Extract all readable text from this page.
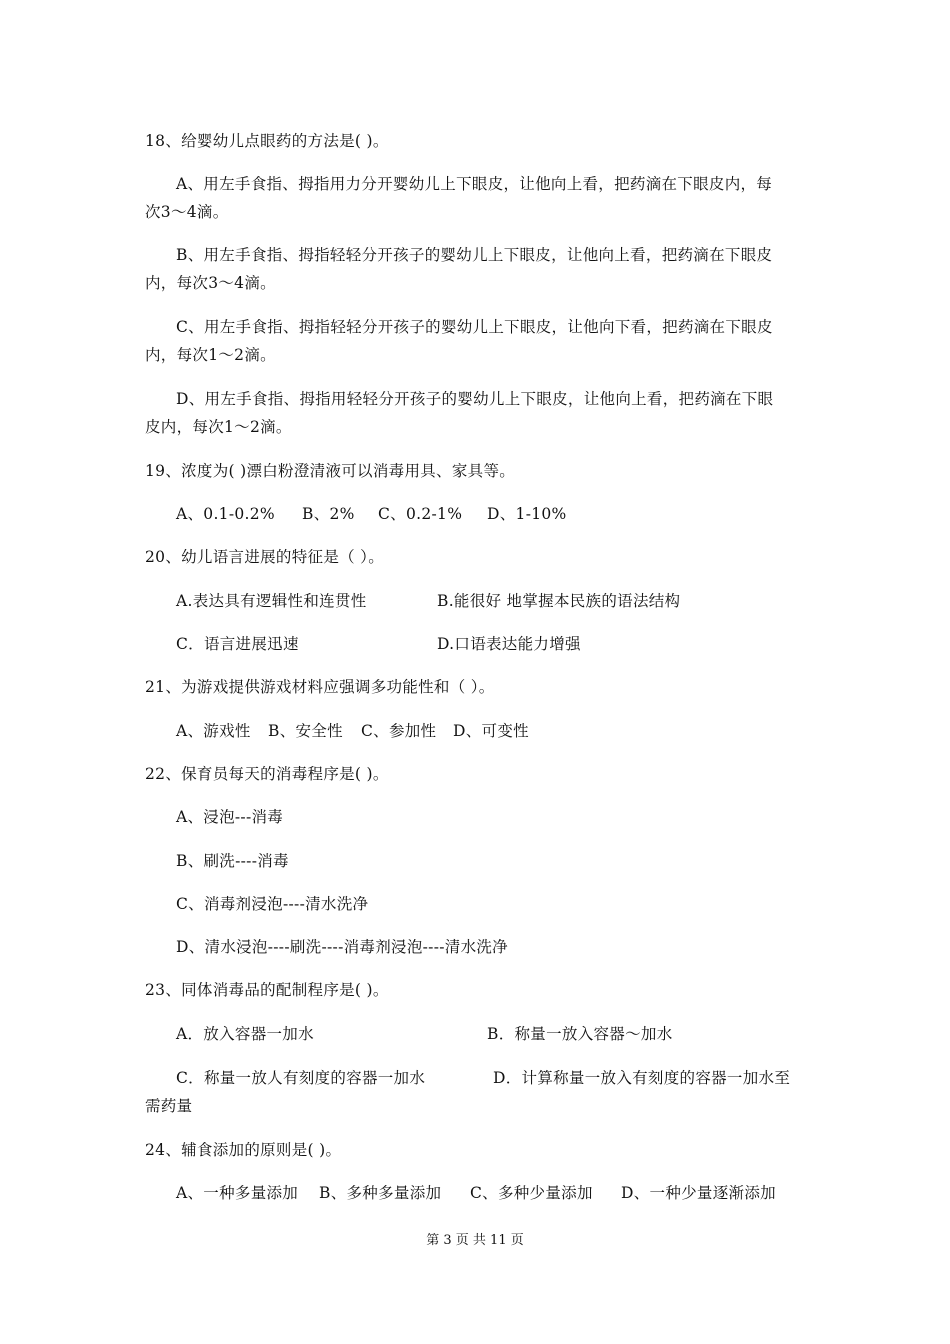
18、给婴幼儿点眼药的方法是( )。
A、用左手食指、拇指用力分开婴幼儿上下眼皮，让他向上看，把药滴在下眼皮内，每
次3～4滴。
B、用左手食指、拇指轻轻分开孩子的婴幼儿上下眼皮，让他向上看，把药滴在下眼皮
内，每次3～4滴。
C、用左手食指、拇指轻轻分开孩子的婴幼儿上下眼皮，让他向下看，把药滴在下眼皮
内，每次1～2滴。
D、用左手食指、拇指用轻轻分开孩子的婴幼儿上下眼皮，让他向上看，把药滴在下眼
皮内，每次1～2滴。
19、浓度为( )漂白粉澄清液可以消毒用具、家具等。
A、0.1-0.2% B、2% C、0.2-1% D、1-10%
20、幼儿语言进展的特征是（ ）。
A.表达具有逻辑性和连贯性	B.能很好 地掌握本民族的语法结构
C．语言进展迅速	D.口语表达能力增强
21、为游戏提供游戏材料应强调多功能性和（ ）。
A、游戏性 B、安全性 C、参加性 D、可变性
22、保育员每天的消毒程序是( )。
A、浸泡---消毒
B、刷洗----消毒
C、消毒剂浸泡----清水洗净
D、清水浸泡----刷洗----消毒剂浸泡----清水洗净
23、同体消毒品的配制程序是( )。
A．放入容器一加水	B．称量一放入容器～加水
C．称量一放人有刻度的容器一加水	D．计算称量一放入有刻度的容器一加水至
需药量
24、辅食添加的原则是( )。
A、一种多量添加 B、多种多量添加 C、多种少量添加 D、一种少量逐渐添加
第 3 页 共 11 页
